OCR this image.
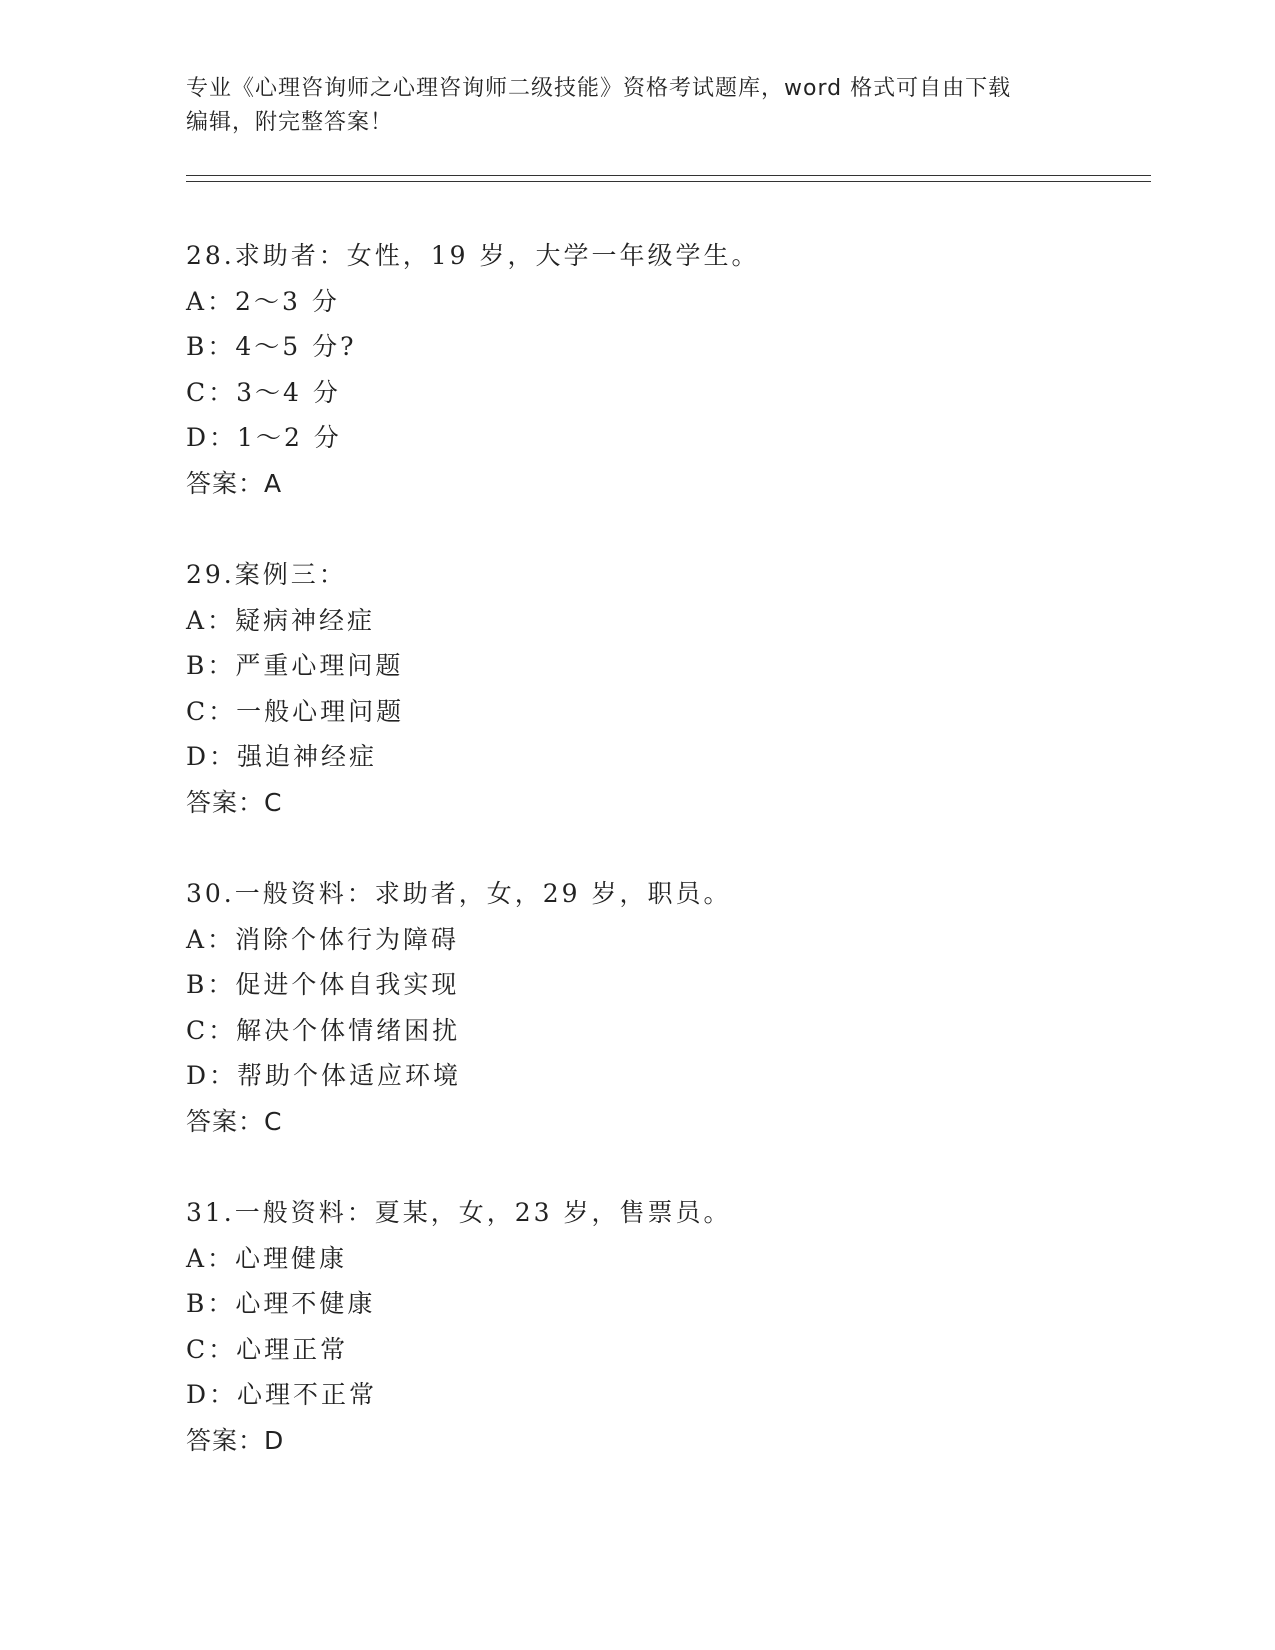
专业《心理咨询师之心理咨询师二级技能》资格考试题库，word 格式可自由下载
编辑，附完整答案！
28.求助者：女性，19 岁，大学一年级学生。
A：2～3 分
B：4～5 分?
C：3～4 分
D：1～2 分
答案：A
29.案例三：
A：疑病神经症
B：严重心理问题
C：一般心理问题
D：强迫神经症
答案：C
30.一般资料：求助者，女，29 岁，职员。
A：消除个体行为障碍
B：促进个体自我实现
C：解决个体情绪困扰
D：帮助个体适应环境
答案：C
31.一般资料：夏某，女，23 岁，售票员。
A：心理健康
B：心理不健康
C：心理正常
D：心理不正常
答案：D
